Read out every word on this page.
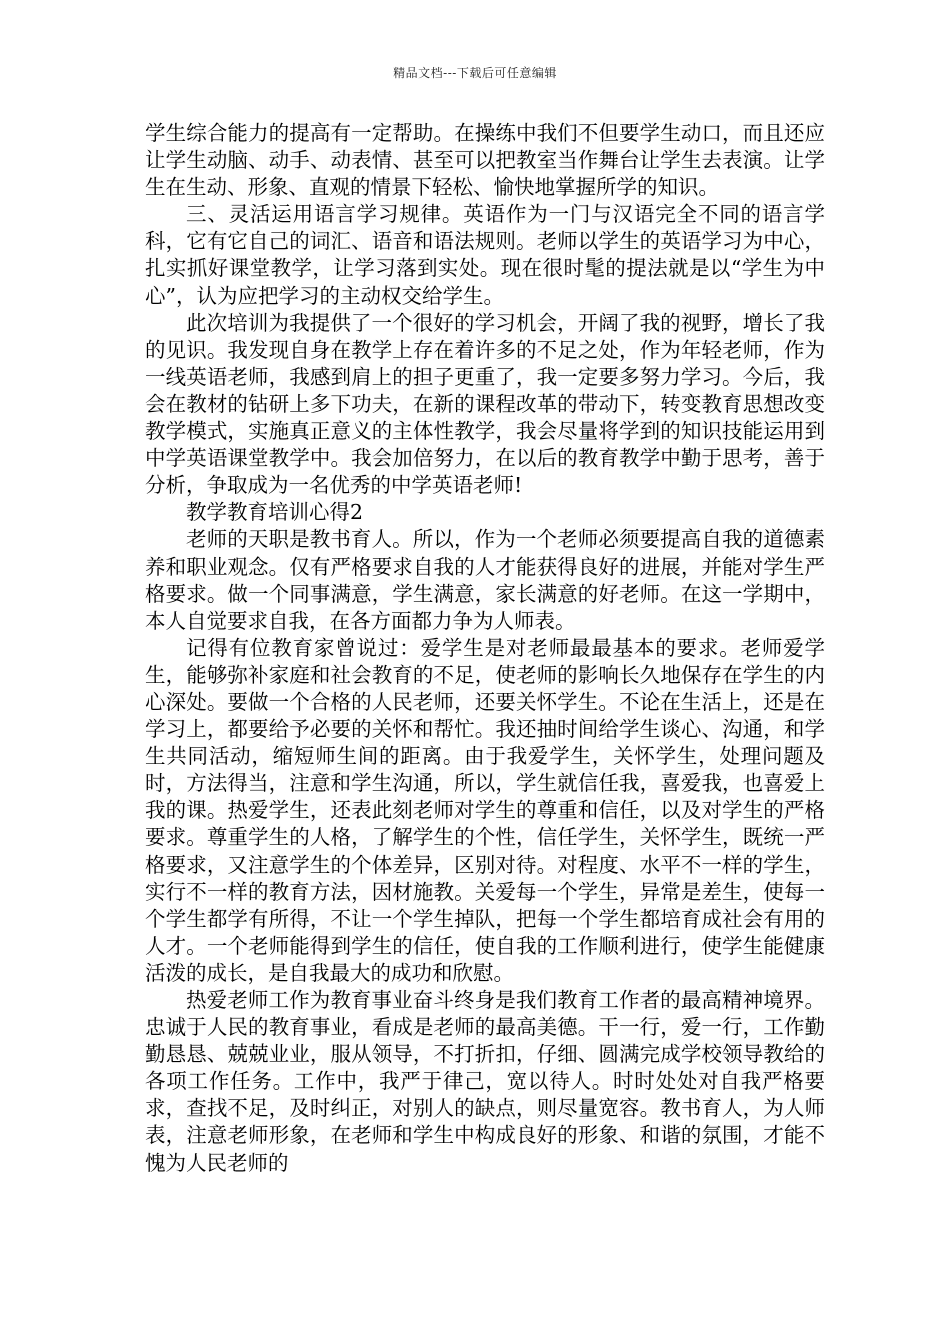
精品文档---下载后可任意编辑

学生综合能力的提高有一定帮助。在操练中我们不但要学生动口，而且还应让学生动脑、动手、动表情、甚至可以把教室当作舞台让学生去表演。让学生在生动、形象、直观的情景下轻松、愉快地掌握所学的知识。

三、灵活运用语言学习规律。英语作为一门与汉语完全不同的语言学科，它有它自己的词汇、语音和语法规则。老师以学生的英语学习为中心，扎实抓好课堂教学，让学习落到实处。现在很时髦的提法就是以“学生为中心”，认为应把学习的主动权交给学生。

此次培训为我提供了一个很好的学习机会，开阔了我的视野，增长了我的见识。我发现自身在教学上存在着许多的不足之处，作为年轻老师，作为一线英语老师，我感到肩上的担子更重了，我一定要多努力学习。今后，我会在教材的钻研上多下功夫，在新的课程改革的带动下，转变教育思想改变教学模式，实施真正意义的主体性教学，我会尽量将学到的知识技能运用到中学英语课堂教学中。我会加倍努力，在以后的教育教学中勤于思考，善于分析，争取成为一名优秀的中学英语老师!

教学教育培训心得2

老师的天职是教书育人。所以，作为一个老师必须要提高自我的道德素养和职业观念。仅有严格要求自我的人才能获得良好的进展，并能对学生严格要求。做一个同事满意，学生满意，家长满意的好老师。在这一学期中，本人自觉要求自我，在各方面都力争为人师表。

记得有位教育家曾说过：爱学生是对老师最最基本的要求。老师爱学生，能够弥补家庭和社会教育的不足，使老师的影响长久地保存在学生的内心深处。要做一个合格的人民老师，还要关怀学生。不论在生活上，还是在学习上，都要给予必要的关怀和帮忙。我还抽时间给学生谈心、沟通，和学生共同活动，缩短师生间的距离。由于我爱学生，关怀学生，处理问题及时，方法得当，注意和学生沟通，所以，学生就信任我，喜爱我，也喜爱上我的课。热爱学生，还表此刻老师对学生的尊重和信任，以及对学生的严格要求。尊重学生的人格，了解学生的个性，信任学生，关怀学生，既统一严格要求，又注意学生的个体差异，区别对待。对程度、水平不一样的学生，实行不一样的教育方法，因材施教。关爱每一个学生，异常是差生，使每一个学生都学有所得，不让一个学生掉队，把每一个学生都培育成社会有用的人才。一个老师能得到学生的信任，使自我的工作顺利进行，使学生能健康活泼的成长，是自我最大的成功和欣慰。

热爱老师工作为教育事业奋斗终身是我们教育工作者的最高精神境界。忠诚于人民的教育事业，看成是老师的最高美德。干一行，爱一行，工作勤勤恳恳、兢兢业业，服从领导，不打折扣，仔细、圆满完成学校领导教给的各项工作任务。工作中，我严于律己，宽以待人。时时处处对自我严格要求，查找不足，及时纠正，对别人的缺点，则尽量宽容。教书育人，为人师表，注意老师形象，在老师和学生中构成良好的形象、和谐的氛围，才能不愧为人民老师的
